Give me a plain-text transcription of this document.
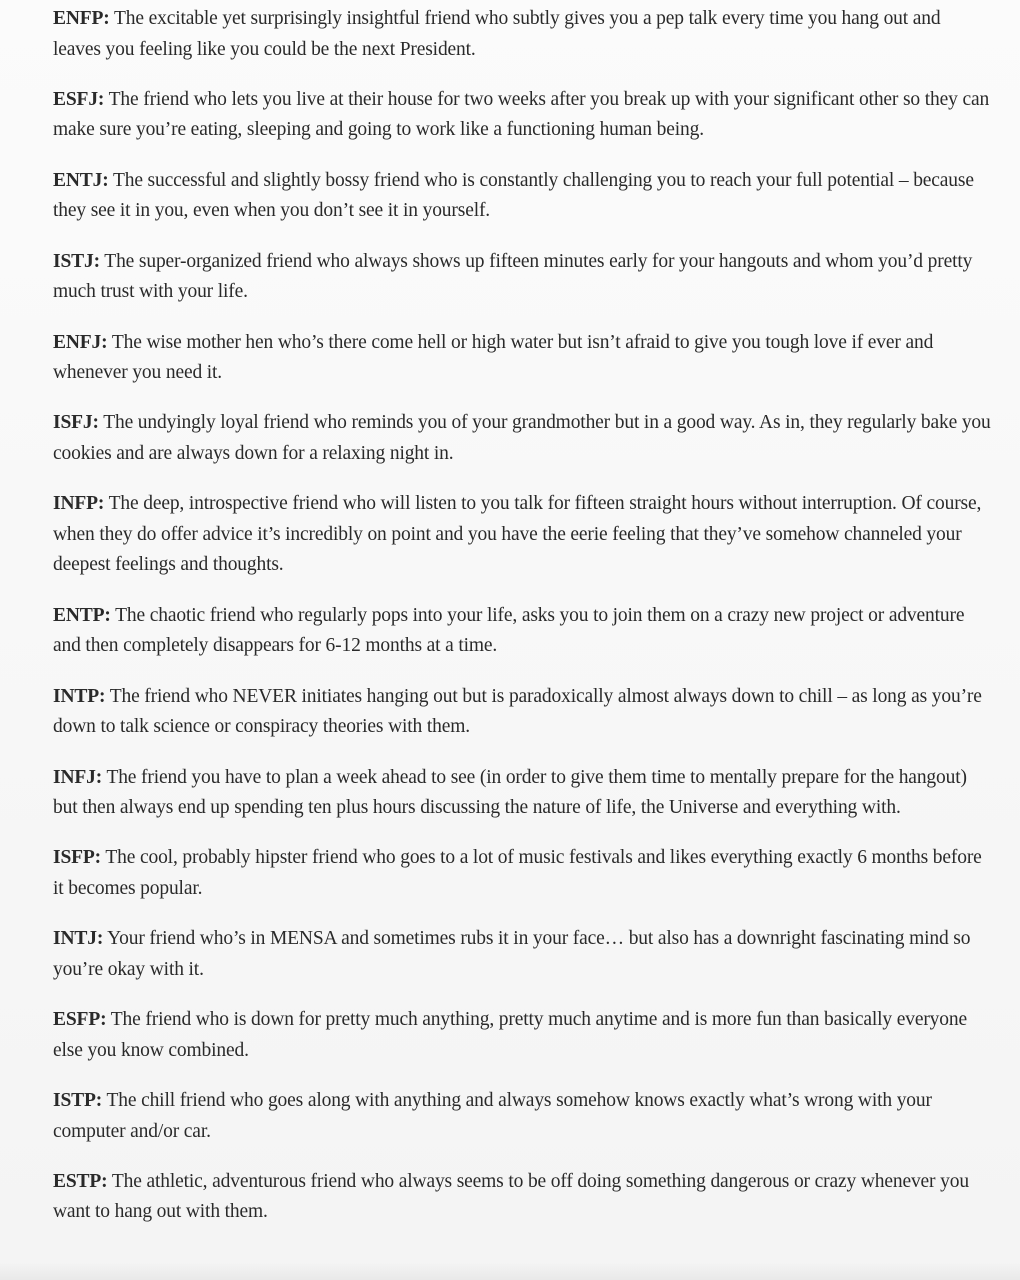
ENFP: The excitable yet surprisingly insightful friend who subtly gives you a pep talk every time you hang out and leaves you feeling like you could be the next President.

ESFJ: The friend who lets you live at their house for two weeks after you break up with your significant other so they can make sure you’re eating, sleeping and going to work like a functioning human being.

ENTJ: The successful and slightly bossy friend who is constantly challenging you to reach your full potential – because they see it in you, even when you don’t see it in yourself.

ISTJ: The super-organized friend who always shows up fifteen minutes early for your hangouts and whom you’d pretty much trust with your life.

ENFJ: The wise mother hen who’s there come hell or high water but isn’t afraid to give you tough love if ever and whenever you need it.

ISFJ: The undyingly loyal friend who reminds you of your grandmother but in a good way. As in, they regularly bake you cookies and are always down for a relaxing night in.

INFP: The deep, introspective friend who will listen to you talk for fifteen straight hours without interruption. Of course, when they do offer advice it’s incredibly on point and you have the eerie feeling that they’ve somehow channeled your deepest feelings and thoughts.

ENTP: The chaotic friend who regularly pops into your life, asks you to join them on a crazy new project or adventure and then completely disappears for 6-12 months at a time.

INTP: The friend who NEVER initiates hanging out but is paradoxically almost always down to chill – as long as you’re down to talk science or conspiracy theories with them.

INFJ: The friend you have to plan a week ahead to see (in order to give them time to mentally prepare for the hangout) but then always end up spending ten plus hours discussing the nature of life, the Universe and everything with.

ISFP: The cool, probably hipster friend who goes to a lot of music festivals and likes everything exactly 6 months before it becomes popular.

INTJ: Your friend who’s in MENSA and sometimes rubs it in your face… but also has a downright fascinating mind so you’re okay with it.

ESFP: The friend who is down for pretty much anything, pretty much anytime and is more fun than basically everyone else you know combined.

ISTP: The chill friend who goes along with anything and always somehow knows exactly what’s wrong with your computer and/or car.

ESTP: The athletic, adventurous friend who always seems to be off doing something dangerous or crazy whenever you want to hang out with them.
